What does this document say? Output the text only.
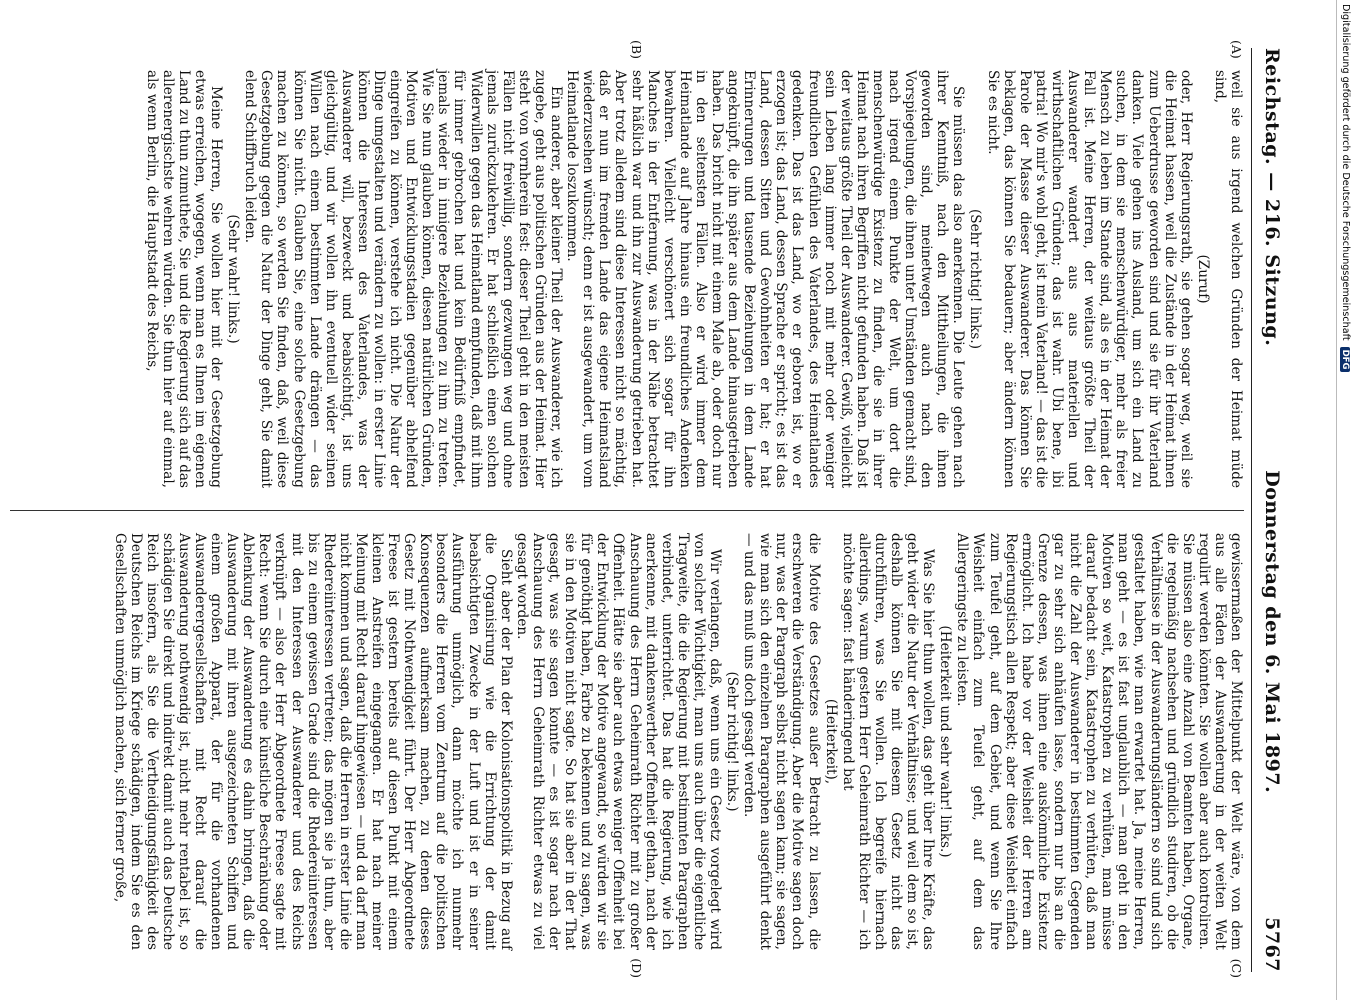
Reichstag. — 216. Sitzung.
Donnerstag den 6. Mai 1897.
5767
(A)
(B)

weil sie aus irgend welchen Gründen der Heimat müde sind,

(Zuruf)

oder, Herr Regierungsrath, sie gehen sogar weg, weil sie die Heimat hassen, weil die Zustände in der Heimat ihnen zum Ueberdrusse geworden sind und sie für ihr Vaterland danken. Viele gehen ins Ausland, um sich ein Land zu suchen, in dem sie menschenwürdiger, mehr als freier Mensch zu leben im Stande sind, als es in der Heimat der Fall ist. Meine Herren, der weitaus größte Theil der Auswanderer wandert aus aus materiellen und wirthschaftlichen Gründen; das ist wahr. Ubi bene, ibi patria! Wo mir's wohl geht, ist mein Vaterland! — das ist die Parole der Masse dieser Auswanderer. Das können Sie beklagen, das können Sie bedauern; aber ändern können Sie es nicht.

(Sehr richtig! links.)

Sie müssen das also anerkennen. Die Leute gehen nach ihrer Kenntniß, nach den Mittheilungen, die ihnen geworden sind, meinetwegen auch nach den Vorspiegelungen, die ihnen unter Umständen gemacht sind, nach irgend einem Punkte der Welt, um dort die menschenwürdige Existenz zu finden, die sie in ihrer Heimat nach ihren Begriffen nicht gefunden haben. Daß ist der weitaus größte Theil der Auswanderer. Gewiß, vielleicht sein Leben lang immer noch mit mehr oder weniger freundlichen Gefühlen des Vaterlandes, des Heimatlandes gedenken. Das ist das Land, wo er geboren ist, wo er erzogen ist; das Land, dessen Sprache er spricht; es ist das Land, dessen Sitten und Gewohnheiten er hat; er hat Erinnerungen und tausende Beziehungen in dem Lande angeknüpft, die ihn später aus dem Lande hinausgetrieben haben. Das bricht nicht mit einem Male ab, oder doch nur in den seltensten Fällen. Also er wird immer dem Heimatlande auf Jahre hinaus ein freundliches Andenken bewahren. Vielleicht verschönert sich sogar für ihn Manches in der Entfernung, was in der Nähe betrachtet sehr häßlich war und ihn zur Auswanderung getrieben hat. Aber trotz alledem sind diese Interessen nicht so mächtig, daß er nun im fremden Lande das eigene Heimatsland wiederzusehen wünscht; denn er ist ausgewandert, um vom Heimatlande loszukommen.

Ein anderer, aber kleiner Theil der Auswanderer, wie ich zugebe, geht aus politischen Gründen aus der Heimat. Hier steht von vornherein fest: dieser Theil geht in den meisten Fällen nicht freiwillig, sondern gezwungen weg und ohne jemals zurückzukehren. Er hat schließlich einen solchen Widerwillen gegen das Heimatland empfunden, daß mit ihm für immer gebrochen hat und kein Bedürfniß empfindet, jemals wieder in innigere Beziehungen zu ihm zu treten. Wie Sie nun glauben können, diesen natürlichen Gründen, Motiven und Entwicklungsstadien gegenüber abhelfend eingreifen zu können, verstehe ich nicht. Die Natur der Dinge umgestalten und verändern zu wollen: in erster Linie können die Interessen des Vaterlandes, was der Auswanderer will, bezweckt und beabsichtigt, ist uns gleichgültig, und wir wollen ihn eventuell wider seinen Willen nach einem bestimmten Lande drängen — das können Sie nicht. Glauben Sie, eine solche Gesetzgebung machen zu können, so werden Sie finden, daß, weil diese Gesetzgebung gegen die Natur der Dinge geht, Sie damit elend Schiffbruch leiden.

(Sehr wahr! links.)

Meine Herren, Sie wollen hier mit der Gesetzgebung etwas erreichen, wogegen, wenn man es Ihnen im eigenen Land zu thun zumuthete, Sie und die Regierung sich auf das allerenergischste wehren würden. Sie thun hier auf einmal, als wenn Berlin, die Hauptstadt des Reichs,

(C)
(D)

gewissermaßen der Mittelpunkt der Welt wäre, von dem aus alle Fäden der Auswanderung in der weiten Welt regulirt werden könnten. Sie wollen aber auch kontroliren. Sie müssen also eine Anzahl von Beamten haben, Organe, die regelmäßig nachsehen und gründlich studiren, ob die Verhältnisse in der Auswanderungsländern so sind und sich gestaltet haben, wie man erwartet hat. Ja, meine Herren, man geht — es ist fast unglaublich — man geht in den Motiven so weit, Katastrophen zu verhüten, man müsse darauf bedacht sein, Katastrophen zu verhüten, daß man nicht die Zahl der Auswanderer in bestimmten Gegenden gar zu sehr sich anhäufen lasse, sondern nur bis an die Grenze dessen, was ihnen eine auskömmliche Existenz ermöglicht. Ich habe vor der Weisheit der Herren am Regierungstisch allen Respekt; aber diese Weisheit einfach zum Teufel geht, auf dem Gebiet, und wenn Sie Ihre Weisheit einfach zum Teufel geht, auf dem das Allergeringste zu leisten.

(Heiterkeit und sehr wahr! links.)

Was Sie hier thun wollen, das geht über Ihre Kräfte, das geht wider die Natur der Verhältnisse; und weil dem so ist, deshalb können Sie mit diesem Gesetz nicht das durchführen, was Sie wollen. Ich begreife hiernach allerdings, warum gestern Herr Geheimrath Richter — ich möchte sagen: fast händeringend bat

(Heiterkeit),

die Motive des Gesetzes außer Betracht zu lassen, die erschweren die Verständigung. Aber die Motive sagen doch nur, was der Paragraph selbst nicht sagen kann; sie sagen, wie man sich den einzelnen Paragraphen ausgeführt denkt — und das muß uns doch gesagt werden.

(Sehr richtig! links.)

Wir verlangen, daß, wenn uns ein Gesetz vorgelegt wird von solcher Wichtigkeit, man uns auch über die eigentliche Tragweite, die die Regierung mit bestimmten Paragraphen verbindet, unterrichtet. Das hat die Regierung, wie ich anerkenne, mit dankenswerther Offenheit gethan, nach der Anschauung des Herrn Geheimrath Richter mit zu großer Offenheit. Hätte sie aber auch etwas weniger Offenheit bei der Entwicklung der Motive angewandt, so würden wir sie für genöthigt haben, Farbe zu bekennen und zu sagen, was sie in den Motiven nicht sagte. So hat sie aber in der That gesagt, was sie sagen konnte — es ist sogar nach der Anschauung des Herrn Geheimrath Richter etwas zu viel gesagt worden.

Sieht aber der Plan der Kolonisationspolitik in Bezug auf die Organisirung wie die Errichtung der damit beabsichtigten Zwecke in der Luft und ist er in seiner Ausführung unmöglich, dann möchte ich nunmehr besonders die Herren vom Zentrum auf die politischen Konsequenzen aufmerksam machen, zu denen dieses Gesetz mit Nothwendigkeit führt. Der Herr Abgeordnete Freese ist gestern bereits auf diesen Punkt mit einem kleinen Anstreifen eingegangen. Er hat nach meiner Meinung mit Recht darauf hingewiesen — und da darf man nicht kommen und sagen, daß die Herren in erster Linie die Rhedereiinteressen vertreten; das mögen sie ja thun, aber bis zu einem gewissen Grade sind die Rhedereiinteressen mit den Interessen der Auswanderer und des Reichs verknüpft — also der Herr Abgeordnete Freese sagte mit Recht: wenn Sie durch eine künstliche Beschränkung oder Ablenkung der Auswanderung es dahin bringen, daß die Auswanderung mit ihren ausgezeichneten Schiffen und einem großen Apparat, der für die vorhandenen Auswanderergesellschaften mit Recht darauf die Auswanderung nothwendig ist, nicht mehr rentabel ist, so schädigen Sie direkt und indirekt damit auch das Deutsche Reich insofern, als Sie die Vertheidigungsfähigkeit des Deutschen Reichs im Kriege schädigen, indem Sie es den Gesellschaften unmöglich machen, sich ferner große,

Digitalisierung gefördert durch die Deutsche Forschungsgemeinschaft
DFG
